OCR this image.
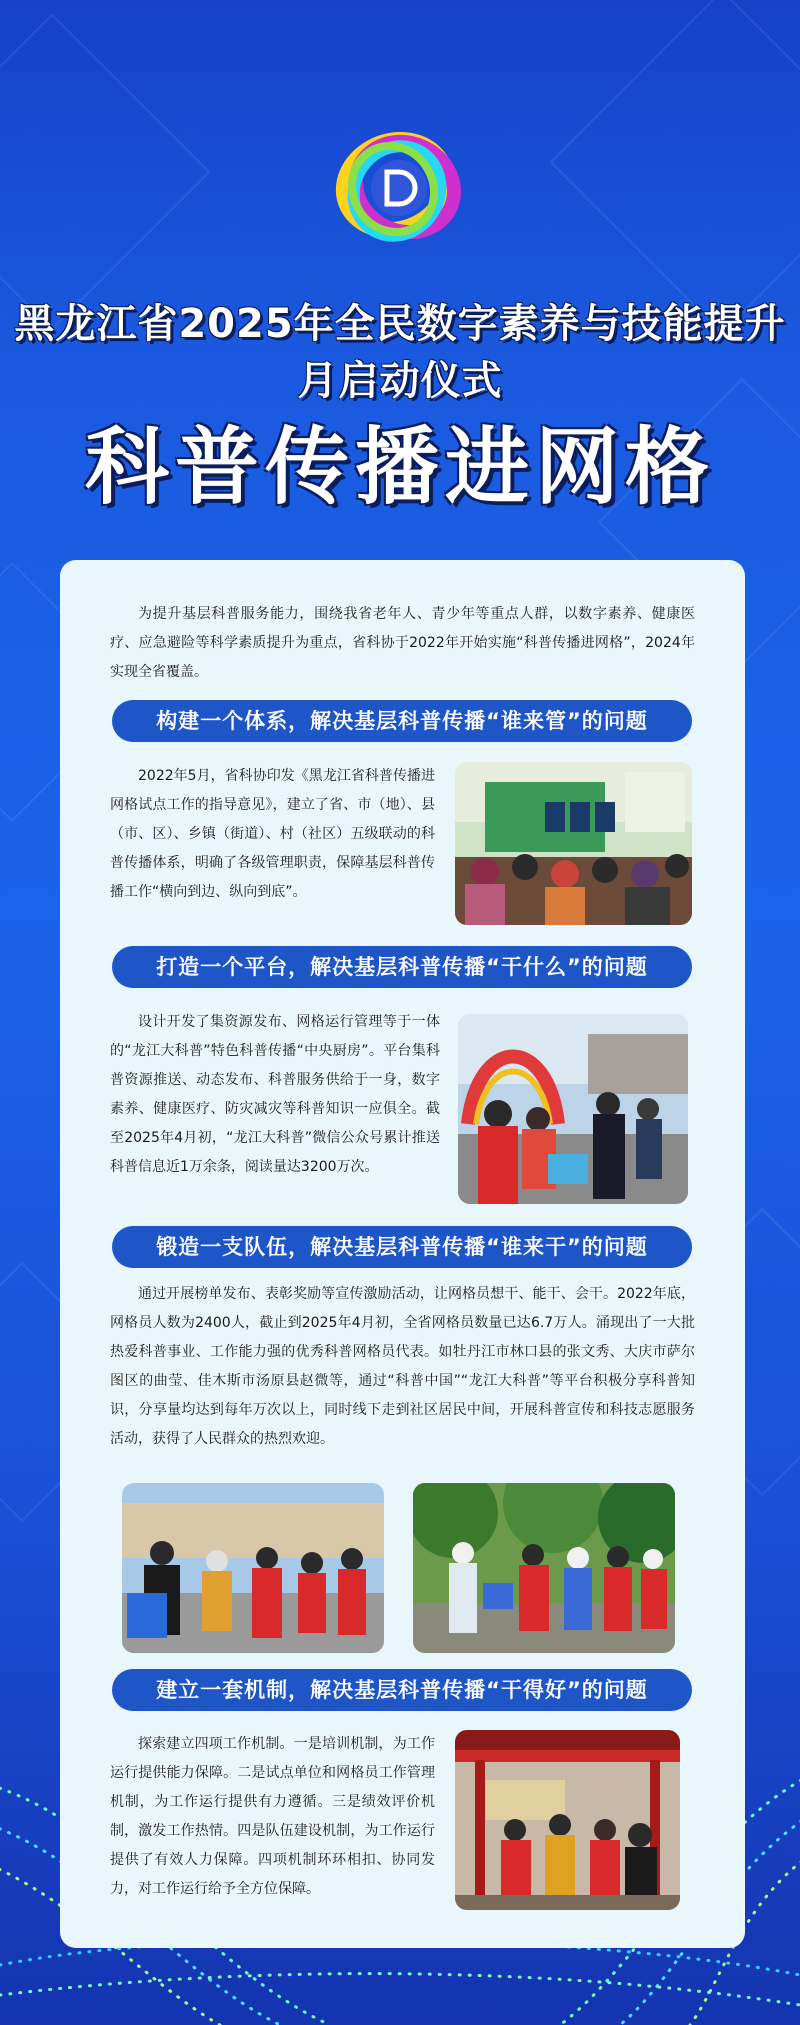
黑龙江省2025年全民数字素养与技能提升月启动仪式
科普传播进网格
为提升基层科普服务能力，围绕我省老年人、青少年等重点人群，以数字素养、健康医疗、应急避险等科学素质提升为重点，省科协于2022年开始实施“科普传播进网格”，2024年实现全省覆盖。
构建一个体系，解决基层科普传播“谁来管”的问题
2022年5月，省科协印发《黑龙江省科普传播进网格试点工作的指导意见》，建立了省、市（地）、县（市、区）、乡镇（街道）、村（社区）五级联动的科普传播体系，明确了各级管理职责，保障基层科普传播工作“横向到边、纵向到底”。
打造一个平台，解决基层科普传播“干什么”的问题
设计开发了集资源发布、网格运行管理等于一体的“龙江大科普”特色科普传播“中央厨房”。平台集科普资源推送、动态发布、科普服务供给于一身，数字素养、健康医疗、防灾减灾等科普知识一应俱全。截至2025年4月初，“龙江大科普”微信公众号累计推送科普信息近1万余条，阅读量达3200万次。
锻造一支队伍，解决基层科普传播“谁来干”的问题
通过开展榜单发布、表彰奖励等宣传激励活动，让网格员想干、能干、会干。2022年底，网格员人数为2400人，截止到2025年4月初，全省网格员数量已达6.7万人。涌现出了一大批热爱科普事业、工作能力强的优秀科普网格员代表。如牡丹江市林口县的张文秀、大庆市萨尔图区的曲莹、佳木斯市汤原县赵微等，通过“科普中国”“龙江大科普”等平台积极分享科普知识，分享量均达到每年万次以上，同时线下走到社区居民中间，开展科普宣传和科技志愿服务活动，获得了人民群众的热烈欢迎。
建立一套机制，解决基层科普传播“干得好”的问题
探索建立四项工作机制。一是培训机制，为工作运行提供能力保障。二是试点单位和网格员工作管理机制，为工作运行提供有力遵循。三是绩效评价机制，激发工作热情。四是队伍建设机制，为工作运行提供了有效人力保障。四项机制环环相扣、协同发力，对工作运行给予全方位保障。
